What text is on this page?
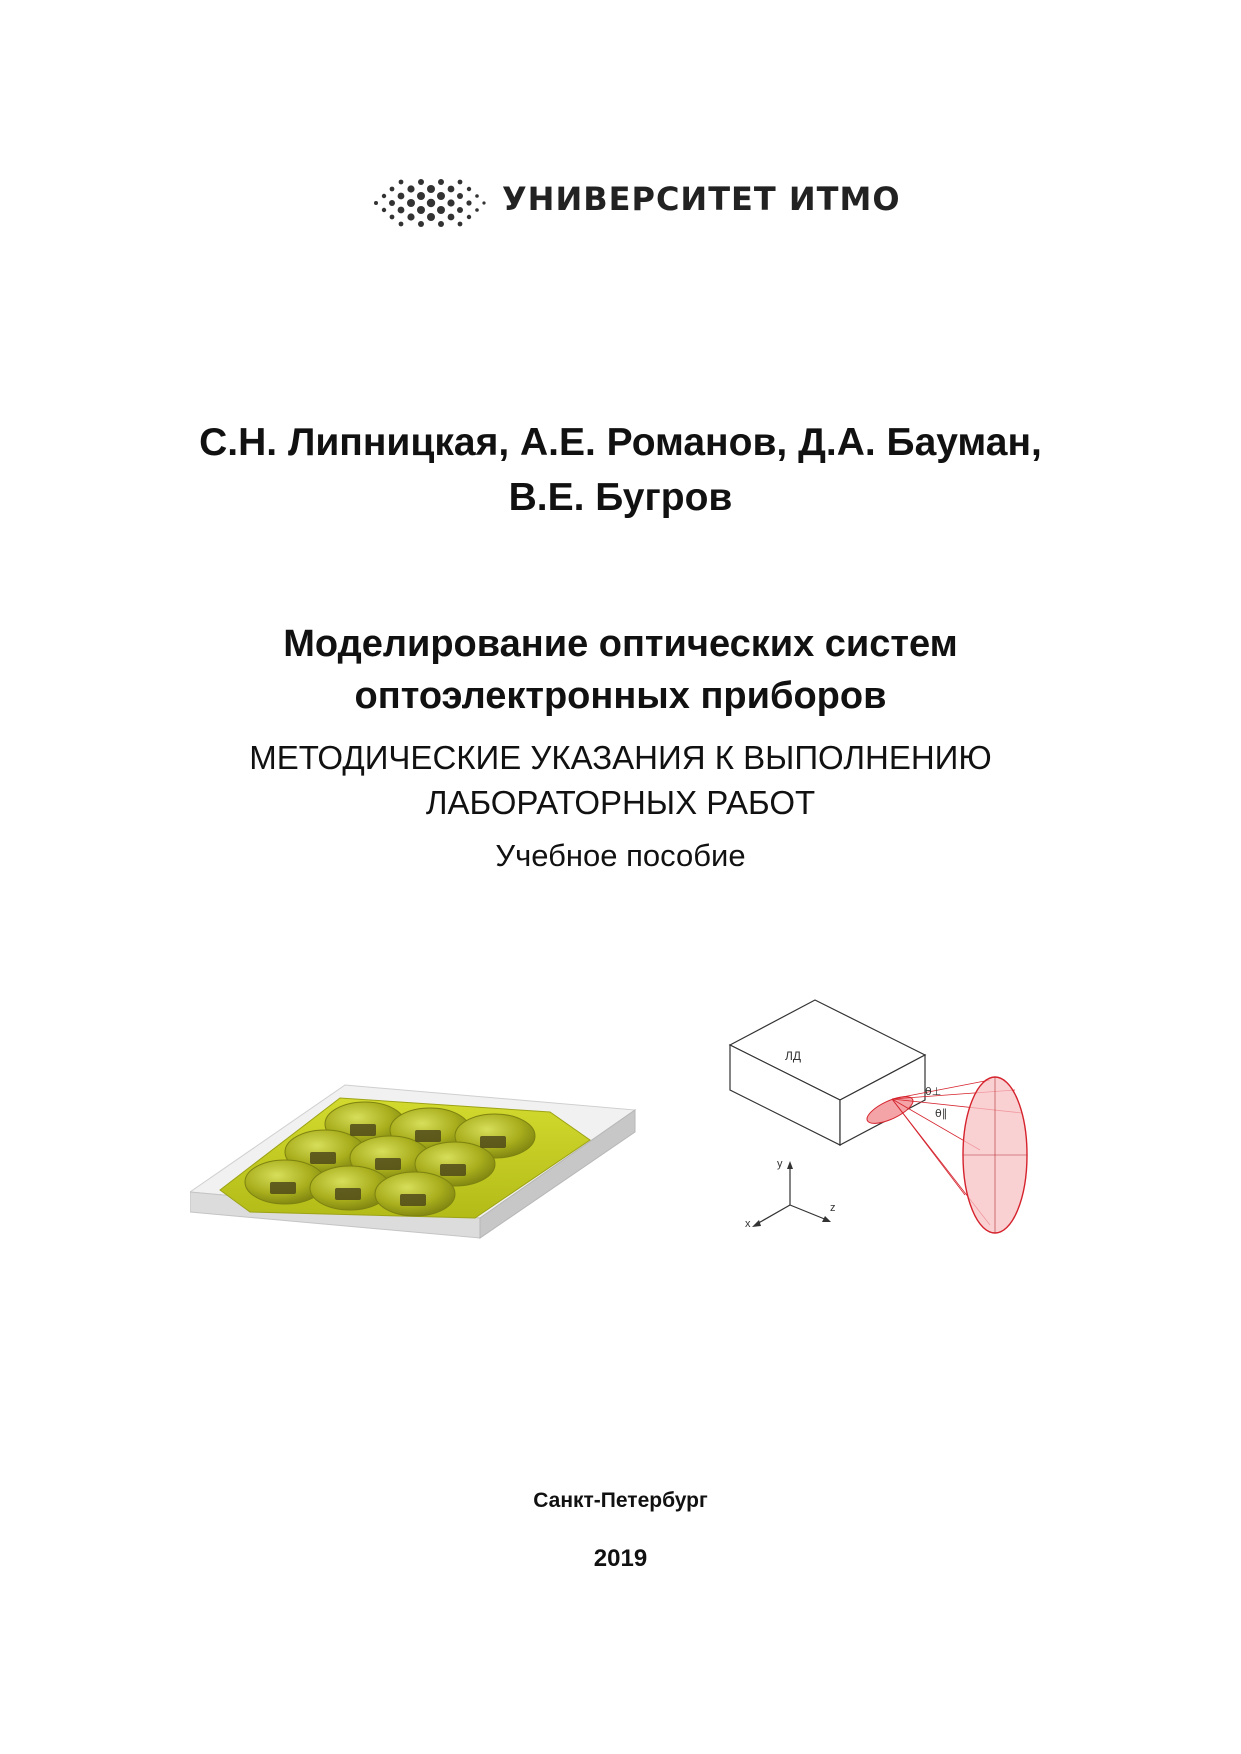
УНИВЕРСИТЕТ ИТМО
С.Н. Липницкая, А.Е. Романов, Д.А. Бауман,
В.Е. Бугров
Моделирование оптических систем
оптоэлектронных приборов
МЕТОДИЧЕСКИЕ УКАЗАНИЯ К ВЫПОЛНЕНИЮ
ЛАБОРАТОРНЫХ РАБОТ
Учебное пособие
ЛД
θ⊥
θ∥
y
x
z
Санкт-Петербург
2019
